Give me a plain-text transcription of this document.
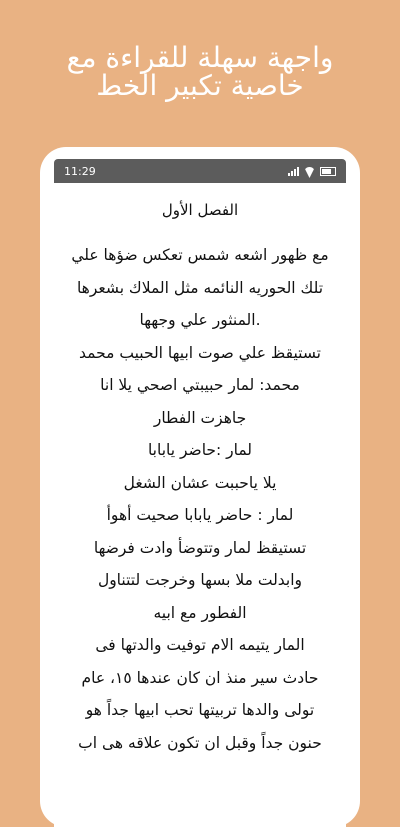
واجهة سهلة للقراءة مع
خاصية تكبير الخط
11:29
الفصل الأول
مع ظهور اشعه شمس تعكس ضؤها علي
تلك الحوريه النائمه مثل الملاك بشعرها
.المنثور علي وجهها
تستيقظ علي صوت ابيها الحبيب محمد
محمد: لمار حبيبتي اصحي يلا انا
جاهزت الفطار
لمار :حاضر يابابا
يلا ياحببت عشان الشغل
لمار : حاضر يابابا صحيت أهوأ
تستيقظ لمار وتتوضأ وادت فرضها
وابدلت ملا بسها وخرجت لتتناول
الفطور مع ابيه
المار يتيمه الام توفيت والدتها فى
حادث سير منذ ان كان عندها ١٥، عام
تولى والدها تربيتها تحب ابيها جداً هو
حنون جداً وقبل ان تكون علاقه هى اب
